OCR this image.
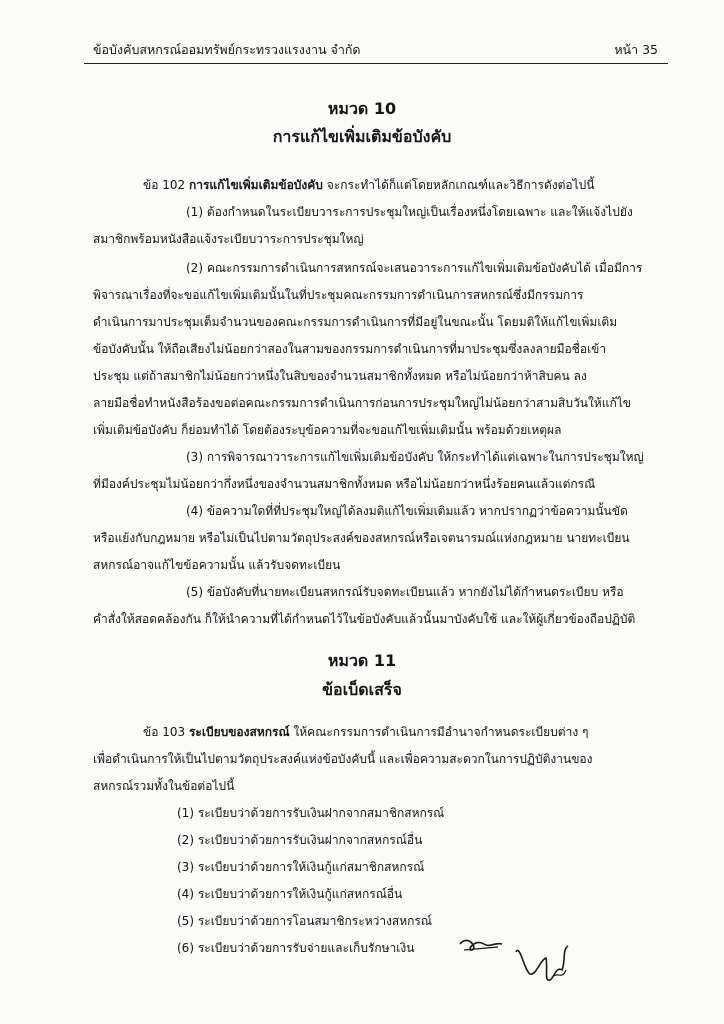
ข้อบังคับสหกรณ์ออมทรัพย์กระทรวงแรงงาน จำกัด	หน้า 35
หมวด 10
การแก้ไขเพิ่มเติมข้อบังคับ
ข้อ 102 การแก้ไขเพิ่มเติมข้อบังคับ จะกระทำได้ก็แต่โดยหลักเกณฑ์และวิธีการดังต่อไปนี้
(1) ต้องกำหนดในระเบียบวาระการประชุมใหญ่เป็นเรื่องหนึ่งโดยเฉพาะ และให้แจ้งไปยัง
สมาชิกพร้อมหนังสือแจ้งระเบียบวาระการประชุมใหญ่
(2) คณะกรรมการดำเนินการสหกรณ์จะเสนอวาระการแก้ไขเพิ่มเติมข้อบังคับได้ เมื่อมีการ
พิจารณาเรื่องที่จะขอแก้ไขเพิ่มเติมนั้นในที่ประชุมคณะกรรมการดำเนินการสหกรณ์ซึ่งมีกรรมการ
ดำเนินการมาประชุมเต็มจำนวนของคณะกรรมการดำเนินการที่มีอยู่ในขณะนั้น โดยมติให้แก้ไขเพิ่มเติม
ข้อบังคับนั้น ให้ถือเสียงไม่น้อยกว่าสองในสามของกรรมการดำเนินการที่มาประชุมซึ่งลงลายมือชื่อเข้า
ประชุม แต่ถ้าสมาชิกไม่น้อยกว่าหนึ่งในสิบของจำนวนสมาชิกทั้งหมด หรือไม่น้อยกว่าห้าสิบคน ลง
ลายมือชื่อทำหนังสือร้องขอต่อคณะกรรมการดำเนินการก่อนการประชุมใหญ่ไม่น้อยกว่าสามสิบวันให้แก้ไข
เพิ่มเติมข้อบังคับ ก็ย่อมทำได้ โดยต้องระบุข้อความที่จะขอแก้ไขเพิ่มเติมนั้น พร้อมด้วยเหตุผล
(3) การพิจารณาวาระการแก้ไขเพิ่มเติมข้อบังคับ ให้กระทำได้แต่เฉพาะในการประชุมใหญ่
ที่มีองค์ประชุมไม่น้อยกว่ากึ่งหนึ่งของจำนวนสมาชิกทั้งหมด หรือไม่น้อยกว่าหนึ่งร้อยคนแล้วแต่กรณี
(4) ข้อความใดที่ที่ประชุมใหญ่ได้ลงมติแก้ไขเพิ่มเติมแล้ว หากปรากฏว่าข้อความนั้นขัด
หรือแย้งกับกฎหมาย หรือไม่เป็นไปตามวัตถุประสงค์ของสหกรณ์หรือเจตนารมณ์แห่งกฎหมาย นายทะเบียน
สหกรณ์อาจแก้ไขข้อความนั้น แล้วรับจดทะเบียน
(5) ข้อบังคับที่นายทะเบียนสหกรณ์รับจดทะเบียนแล้ว หากยังไม่ได้กำหนดระเบียบ หรือ
คำสั่งให้สอดคล้องกัน ก็ให้นำความที่ได้กำหนดไว้ในข้อบังคับแล้วนั้นมาบังคับใช้ และให้ผู้เกี่ยวข้องถือปฏิบัติ
หมวด 11
ข้อเบ็ดเสร็จ
ข้อ 103 ระเบียบของสหกรณ์ ให้คณะกรรมการดำเนินการมีอำนาจกำหนดระเบียบต่าง ๆ
เพื่อดำเนินการให้เป็นไปตามวัตถุประสงค์แห่งข้อบังคับนี้ และเพื่อความสะดวกในการปฏิบัติงานของ
สหกรณ์รวมทั้งในข้อต่อไปนี้
(1) ระเบียบว่าด้วยการรับเงินฝากจากสมาชิกสหกรณ์
(2) ระเบียบว่าด้วยการรับเงินฝากจากสหกรณ์อื่น
(3) ระเบียบว่าด้วยการให้เงินกู้แก่สมาชิกสหกรณ์
(4) ระเบียบว่าด้วยการให้เงินกู้แก่สหกรณ์อื่น
(5) ระเบียบว่าด้วยการโอนสมาชิกระหว่างสหกรณ์
(6) ระเบียบว่าด้วยการรับจ่ายและเก็บรักษาเงิน
